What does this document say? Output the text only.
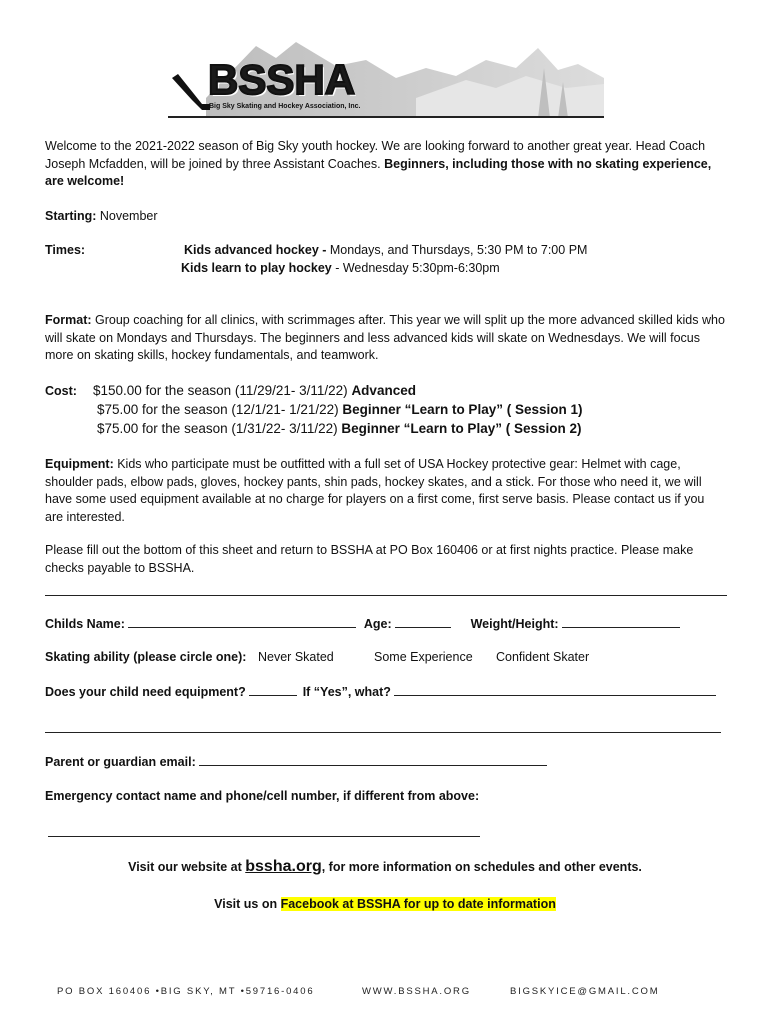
BSSHA
Big Sky Skating and Hockey Association, Inc.
Welcome to the 2021-2022 season of Big Sky youth hockey. We are looking forward to another great year. Head Coach Joseph Mcfadden, will be joined by three Assistant Coaches. Beginners, including those with no skating experience, are welcome!
Starting: November
Times:	Kids advanced hockey - Mondays, and Thursdays, 5:30 PM to 7:00 PM
Kids learn to play hockey - Wednesday 5:30pm-6:30pm
Format: Group coaching for all clinics, with scrimmages after. This year we will split up the more advanced skilled kids who will skate on Mondays and Thursdays. The beginners and less advanced kids will skate on Wednesdays. We will focus more on skating skills, hockey fundamentals, and teamwork.
Cost: $150.00 for the season (11/29/21- 3/11/22) Advanced
$75.00 for the season (12/1/21- 1/21/22) Beginner “Learn to Play” ( Session 1)
$75.00 for the season (1/31/22- 3/11/22) Beginner “Learn to Play” ( Session 2)
Equipment: Kids who participate must be outfitted with a full set of USA Hockey protective gear: Helmet with cage, shoulder pads, elbow pads, gloves, hockey pants, shin pads, hockey skates, and a stick. For those who need it, we will have some used equipment available at no charge for players on a first come, first serve basis. Please contact us if you are interested.
Please fill out the bottom of this sheet and return to BSSHA at PO Box 160406 or at first nights practice. Please make checks payable to BSSHA.
Childs Name:	Age:	Weight/Height:
Skating ability (please circle one): Never Skated	Some Experience Confident Skater
Does your child need equipment?	If “Yes”, what?
Parent or guardian email:
Emergency contact name and phone/cell number, if different from above:
Visit our website at bssha.org, for more information on schedules and other events.
Visit us on Facebook at BSSHA for up to date information
PO BOX 160406 •BIG SKY, MT •59716-0406	WWW.BSSHA.ORG	BIGSKYICE@GMAIL.COM
